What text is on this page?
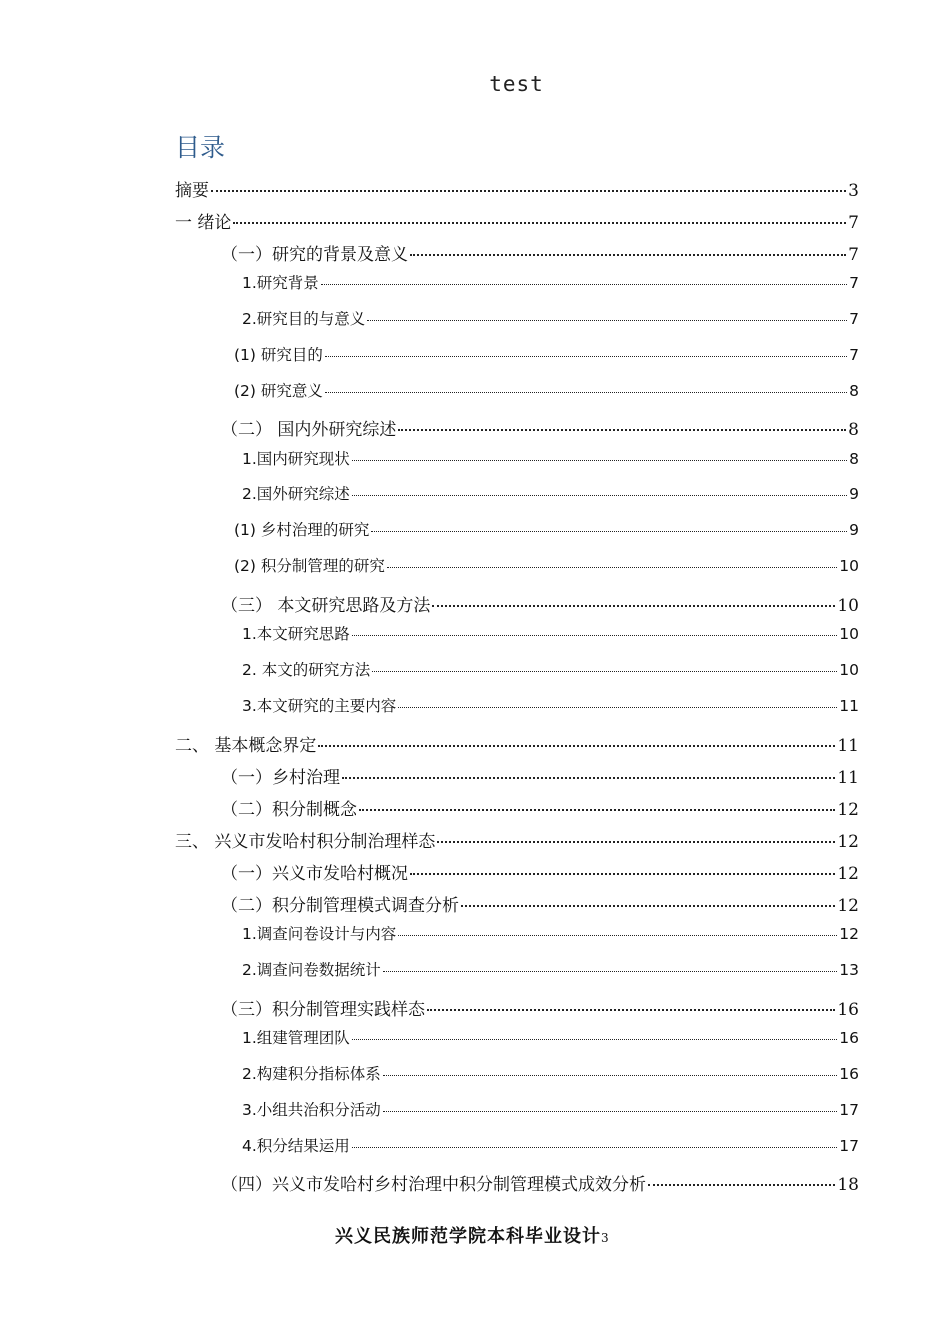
test
目录
摘要	3
一 绪论	7
（一）研究的背景及意义	7
1.研究背景	7
2.研究目的与意义	7
(1) 研究目的	7
(2) 研究意义	8
（二） 国内外研究综述	8
1.国内研究现状	8
2.国外研究综述	9
(1) 乡村治理的研究	9
(2) 积分制管理的研究	10
（三） 本文研究思路及方法	10
1.本文研究思路	10
2. 本文的研究方法	10
3.本文研究的主要内容	11
二、 基本概念界定	11
（一）乡村治理	11
（二）积分制概念	12
三、 兴义市发哈村积分制治理样态	12
（一）兴义市发哈村概况	12
（二）积分制管理模式调查分析	12
1.调查问卷设计与内容	12
2.调查问卷数据统计	13
（三）积分制管理实践样态	16
1.组建管理团队	16
2.构建积分指标体系	16
3.小组共治积分活动	17
4.积分结果运用	17
（四）兴义市发哈村乡村治理中积分制管理模式成效分析	18
兴义民族师范学院本科毕业设计3
